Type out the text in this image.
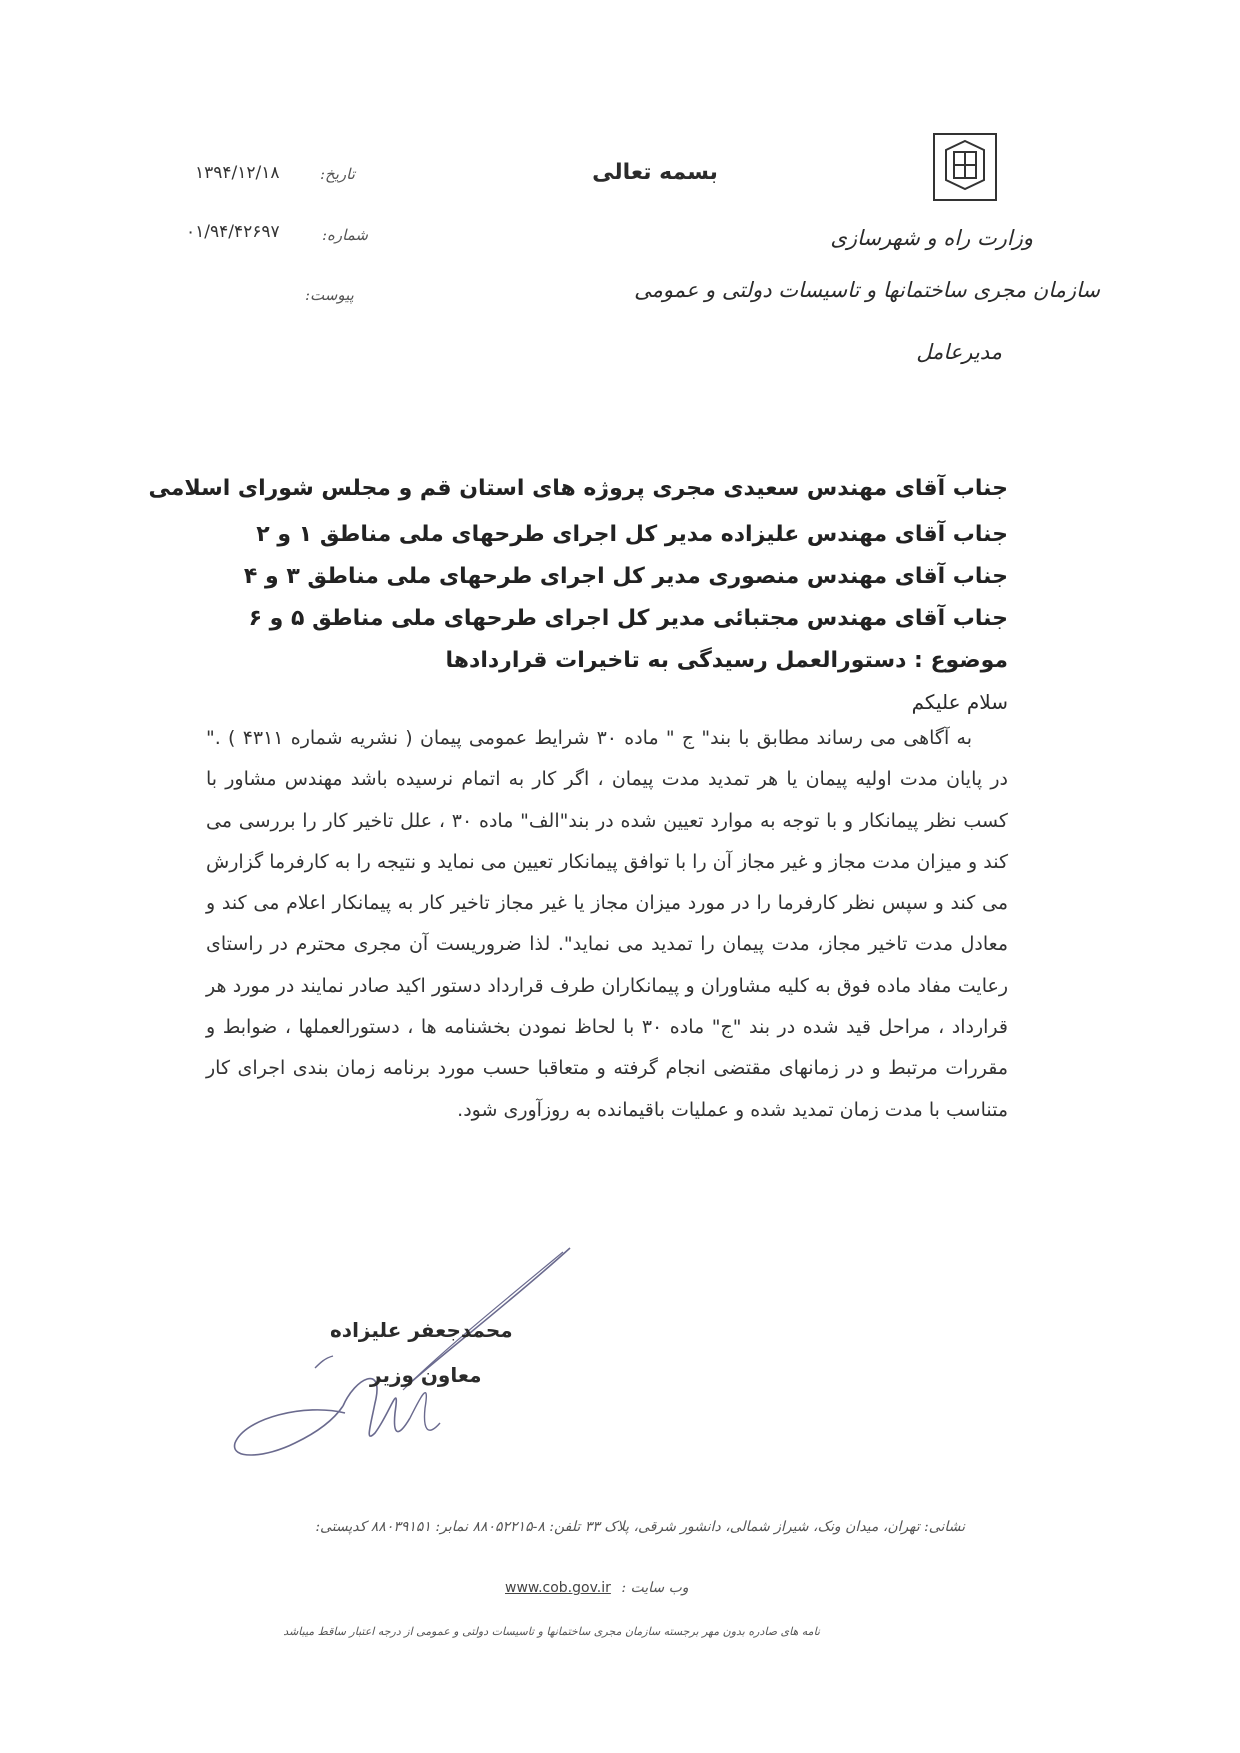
وزارت راه و شهرسازی
سازمان مجری ساختمانها و تاسیسات دولتی و عمومی
مدیرعامل
بسمه تعالی
تاریخ:
۱۳۹۴/۱۲/۱۸
شماره:
۰۱/۹۴/۴۲۶۹۷
پیوست:
جناب آقای مهندس سعیدی مجری پروژه های استان قم و مجلس شورای اسلامی
جناب آقای مهندس علیزاده مدیر کل اجرای طرحهای ملی مناطق ۱ و ۲
جناب آقای مهندس منصوری مدیر کل اجرای طرحهای ملی مناطق ۳ و ۴
جناب آقای مهندس مجتبائی مدیر کل اجرای طرحهای ملی مناطق ۵ و ۶
موضوع : دستورالعمل رسیدگی به تاخیرات قراردادها
سلام علیکم
به آگاهی می رساند مطابق با بند" ج " ماده ۳۰ شرایط عمومی پیمان ( نشریه شماره ۴۳۱۱ ) ." در پایان مدت اولیه پیمان یا هر تمدید مدت پیمان ، اگر کار به اتمام نرسیده باشد مهندس مشاور با کسب نظر پیمانکار و با توجه به موارد تعیین شده در بند"الف" ماده ۳۰ ، علل تاخیر کار را بررسی می کند و میزان مدت مجاز و غیر مجاز آن را با توافق پیمانکار تعیین می نماید و نتیجه را به کارفرما گزارش می کند و سپس نظر کارفرما را در مورد میزان مجاز یا غیر مجاز تاخیر کار به پیمانکار اعلام می کند و معادل مدت تاخیر مجاز، مدت پیمان را تمدید می نماید". لذا ضروریست آن مجری محترم در راستای رعایت مفاد ماده فوق به کلیه مشاوران و پیمانکاران طرف قرارداد دستور اکید صادر نمایند در مورد هر قرارداد ، مراحل قید شده در بند "ج" ماده ۳۰ با لحاظ نمودن بخشنامه ها ، دستورالعملها ، ضوابط و مقررات مرتبط و در زمانهای مقتضی انجام گرفته و متعاقبا حسب مورد برنامه زمان بندی اجرای کار متناسب با مدت زمان تمدید شده و عملیات باقیمانده به روزآوری شود.
محمدجعفر علیزاده
معاون وزیر
نشانی: تهران، میدان ونک، شیراز شمالی، دانشور شرقی، پلاک ۳۳ تلفن: ۸-۸۸۰۵۲۲۱۵ نمابر: ۸۸۰۳۹۱۵۱ کدپستی:
www.cob.gov.ir وب سایت :
نامه های صادره بدون مهر برجسته سازمان مجری ساختمانها و تاسیسات دولتی و عمومی از درجه اعتبار ساقط میباشد
